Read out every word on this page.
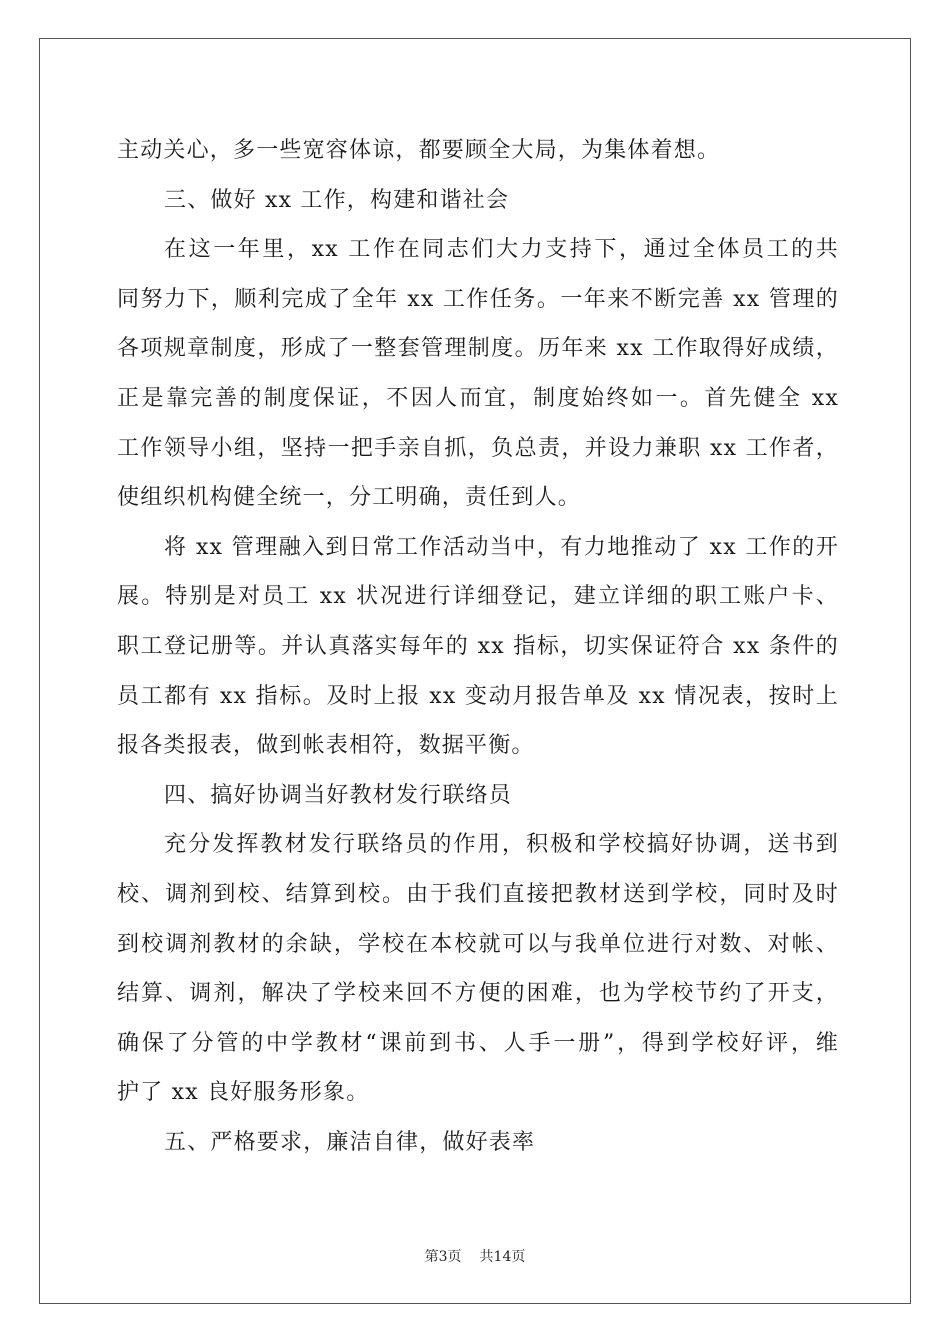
主动关心，多一些宽容体谅，都要顾全大局，为集体着想。
三、做好 xx 工作，构建和谐社会
在这一年里，xx 工作在同志们大力支持下，通过全体员工的共
同努力下，顺利完成了全年 xx 工作任务。一年来不断完善 xx 管理的
各项规章制度，形成了一整套管理制度。历年来 xx 工作取得好成绩，
正是靠完善的制度保证，不因人而宜，制度始终如一。首先健全 xx
工作领导小组，坚持一把手亲自抓，负总责，并设力兼职 xx 工作者，
使组织机构健全统一，分工明确，责任到人。
将 xx 管理融入到日常工作活动当中，有力地推动了 xx 工作的开
展。特别是对员工 xx 状况进行详细登记，建立详细的职工账户卡、
职工登记册等。并认真落实每年的 xx 指标，切实保证符合 xx 条件的
员工都有 xx 指标。及时上报 xx 变动月报告单及 xx 情况表，按时上
报各类报表，做到帐表相符，数据平衡。
四、搞好协调当好教材发行联络员
充分发挥教材发行联络员的作用，积极和学校搞好协调，送书到
校、调剂到校、结算到校。由于我们直接把教材送到学校，同时及时
到校调剂教材的余缺，学校在本校就可以与我单位进行对数、对帐、
结算、调剂，解决了学校来回不方便的困难，也为学校节约了开支，
确保了分管的中学教材“课前到书、人手一册”，得到学校好评，维
护了 xx 良好服务形象。
五、严格要求，廉洁自律，做好表率
第3页 共14页
